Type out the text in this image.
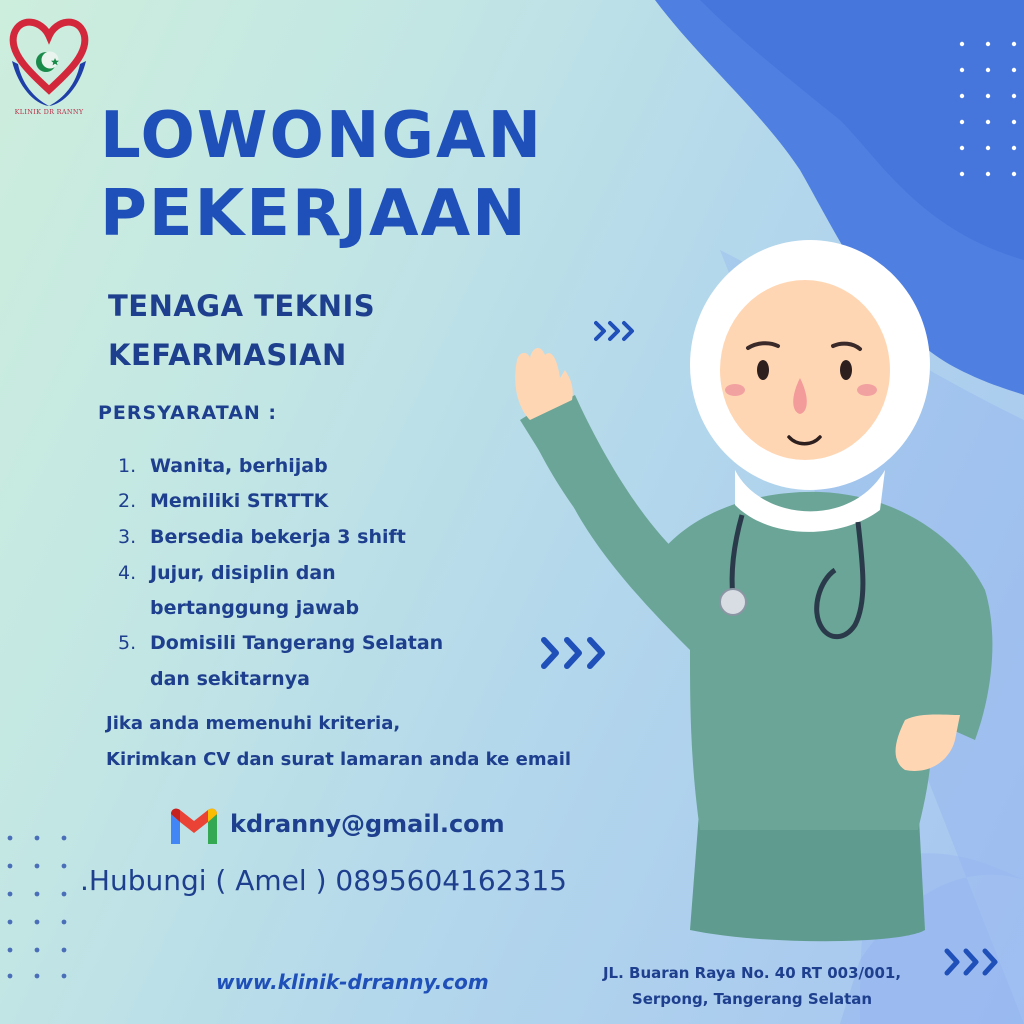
KLINIK DR RANNY LOWONGAN
PEKERJAAN
TENAGA TEKNIS
KEFARMASIAN
PERSYARATAN :
1. Wanita, berhijab
2. Memiliki STRTTK
3. Bersedia bekerja 3 shift
4. Jujur, disiplin dan
bertanggung jawab
5. Domisili Tangerang Selatan
dan sekitarnya
Jika anda memenuhi kriteria,
Kirimkan CV dan surat lamaran anda ke email
kdranny@gmail.com
.Hubungi ( Amel ) 0895604162315
www.klinik-drranny.com	JL. Buaran Raya No. 40 RT 003/001,
Serpong, Tangerang Selatan
